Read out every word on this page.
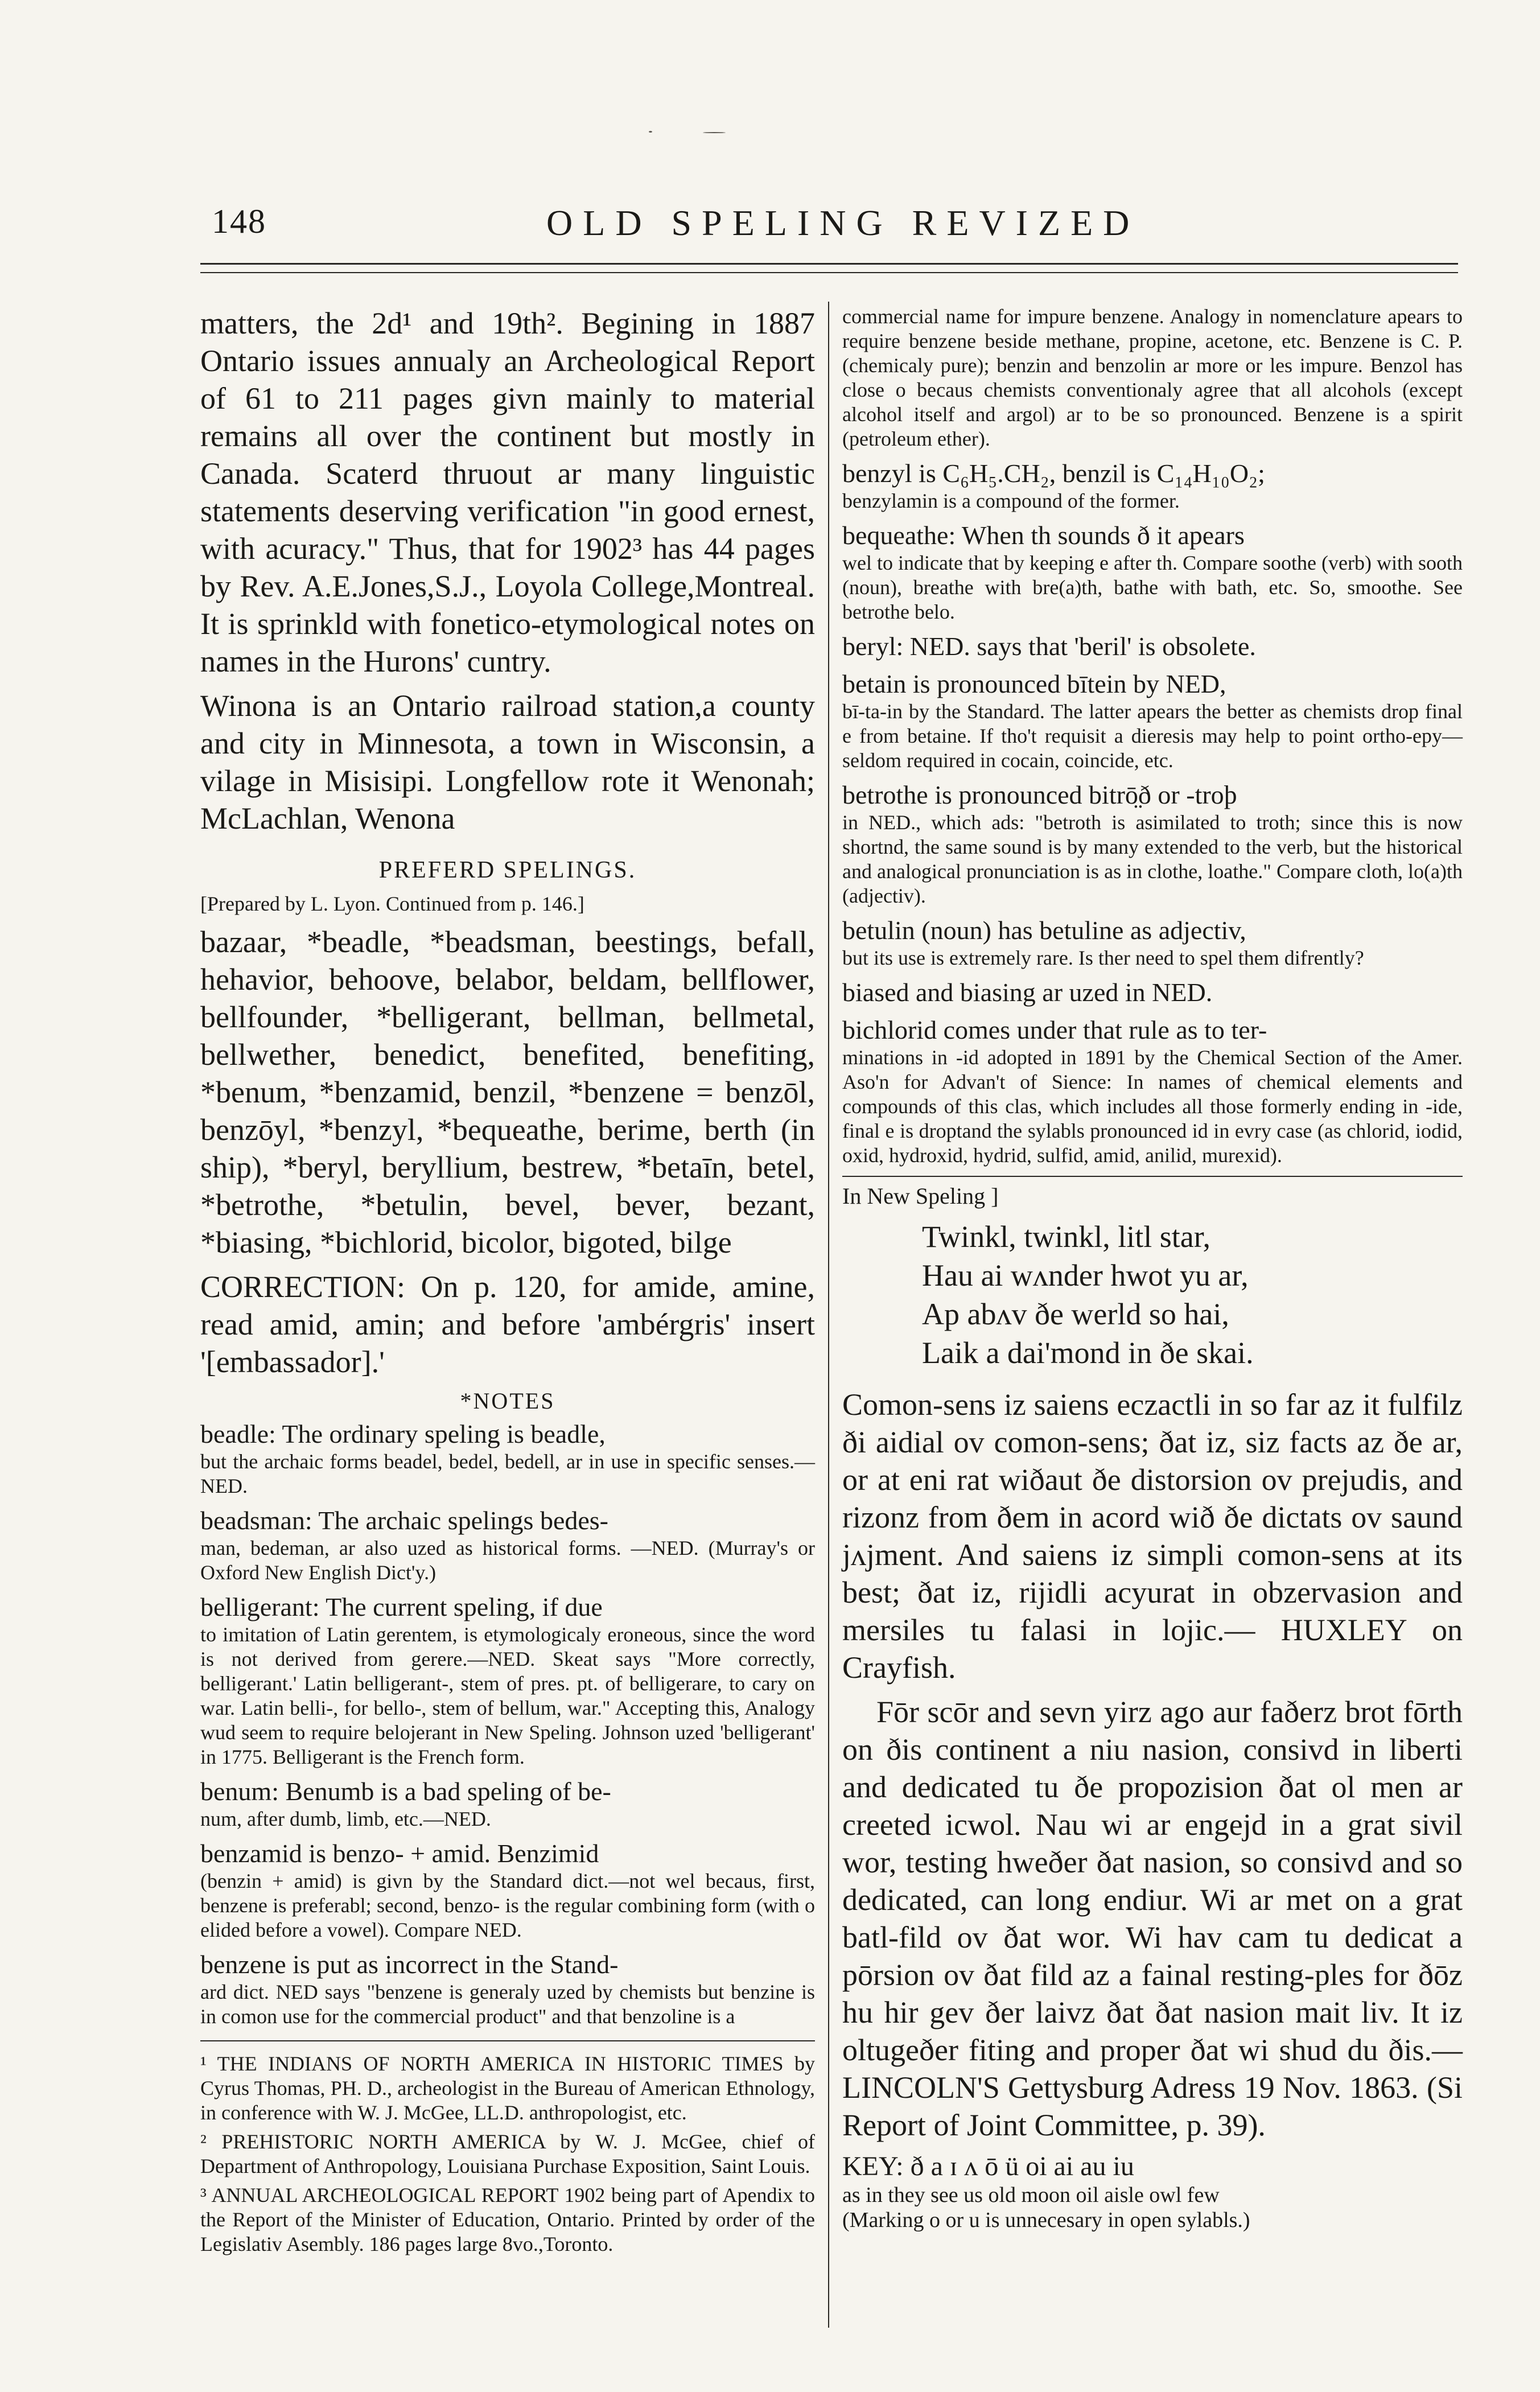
148	OLD SPELING REVIZED

matters, the 2d¹ and 19th². Begining in 1887 Ontario issues annualy an Archeological Report of 61 to 211 pages givn mainly to material remains all over the continent but mostly in Canada. Scaterd thruout ar many linguistic statements deserving verification "in good ernest, with acuracy." Thus, that for 1902³ has 44 pages by Rev. A.E.Jones,S.J., Loyola College,Montreal. It is sprinkld with fonetico-etymological notes on names in the Hurons' cuntry.

Winona is an Ontario railroad station,a county and city in Minnesota, a town in Wisconsin, a vilage in Misisipi. Longfellow rote it Wenonah; McLachlan, Wenona

PREFERD SPELINGS.

[Prepared by L. Lyon. Continued from p. 146.]

bazaar, *beadle, *beadsman, beestings, befall, hehavior, behoove, belabor, beldam, bellflower, bellfounder, *belligerant, bellman, bellmetal, bellwether, benedict, benefited, benefiting, *benum, *benzamid, benzil, *benzene = benzōl, benzōyl, *benzyl, *bequeathe, berime, berth (in ship), *beryl, beryllium, bestrew, *betaīn, betel, *betrothe, *betulin, bevel, bever, bezant, *biasing, *bichlorid, bicolor, bigoted, bilge

CORRECTION: On p. 120, for amide, amine, read amid, amin; and before 'ambérgris' insert '[embassador].'

*NOTES
beadle: The ordinary speling is beadle,

but the archaic forms beadel, bedel, bedell, ar in use in specific senses.—NED.

beadsman: The archaic spelings bedes-

man, bedeman, ar also uzed as historical forms. —NED. (Murray's or Oxford New English Dict'y.)

belligerant: The current speling, if due

to imitation of Latin gerentem, is etymologicaly eroneous, since the word is not derived from gerere.—NED. Skeat says "More correctly, belligerant.' Latin belligerant-, stem of pres. pt. of belligerare, to cary on war. Latin belli-, for bello-, stem of bellum, war." Accepting this, Analogy wud seem to require belojerant in New Speling. Johnson uzed 'belligerant' in 1775. Belligerant is the French form.

benum: Benumb is a bad speling of be-

num, after dumb, limb, etc.—NED.

benzamid is benzo- + amid. Benzimid

(benzin + amid) is givn by the Standard dict.—not wel becaus, first, benzene is preferabl; second, benzo- is the regular combining form (with o elided before a vowel). Compare NED.

benzene is put as incorrect in the Stand-

ard dict. NED says "benzene is generaly uzed by chemists but benzine is in comon use for the commercial product" and that benzoline is a

¹ THE INDIANS OF NORTH AMERICA IN HISTORIC TIMES by Cyrus Thomas, PH. D., archeologist in the Bureau of American Ethnology, in conference with W. J. McGee, LL.D. anthropologist, etc.

² PREHISTORIC NORTH AMERICA by W. J. McGee, chief of Department of Anthropology, Louisiana Purchase Exposition, Saint Louis.

³ ANNUAL ARCHEOLOGICAL REPORT 1902 being part of Apendix to the Report of the Minister of Education, Ontario. Printed by order of the Legislativ Asembly. 186 pages large 8vo.,Toronto.

commercial name for impure benzene. Analogy in nomenclature apears to require benzene beside methane, propine, acetone, etc. Benzene is C. P. (chemicaly pure); benzin and benzolin ar more or les impure. Benzol has close o becaus chemists conventionaly agree that all alcohols (except alcohol itself and argol) ar to be so pronounced. Benzene is a spirit (petroleum ether).

benzyl is C₆H₅.CH₂, benzil is C₁₄H₁₀O₂;

benzylamin is a compound of the former.

bequeathe: When th sounds ð it apears

wel to indicate that by keeping e after th. Compare soothe (verb) with sooth (noun), breathe with bre(a)th, bathe with bath, etc. So, smoothe. See betrothe belo.

beryl: NED. says that 'beril' is obsolete.

betain is pronounced bītein by NED,

bī-ta-in by the Standard. The latter apears the better as chemists drop final e from betaine. If tho't requisit a dieresis may help to point ortho-epy—seldom required in cocain, coincide, etc.

betrothe is pronounced bitrō̤ð or -troþ

in NED., which ads: "betroth is asimilated to troth; since this is now shortnd, the same sound is by many extended to the verb, but the historical and analogical pronunciation is as in clothe, loathe." Compare cloth, lo(a)th (adjectiv).

betulin (noun) has betuline as adjectiv,

but its use is extremely rare. Is ther need to spel them difrently?

biased and biasing ar uzed in NED.

bichlorid comes under that rule as to ter-

minations in -id adopted in 1891 by the Chemical Section of the Amer. Aso'n for Advan't of Sience: In names of chemical elements and compounds of this clas, which includes all those formerly ending in -ide, final e is droptand the sylabls pronounced id in evry case (as chlorid, iodid, oxid, hydroxid, hydrid, sulfid, amid, anilid, murexid).

In New Speling ]
Twinkl, twinkl, litl star,
Hau ai wʌnder hwot yu ar,
Ap abʌv ðe werld so hai,
Laik a dai'mond in ðe skai.

Comon-sens iz saiens eczactli in so far az it fulfilz ði aidial ov comon-sens; ðat iz, siz facts az ðe ar, or at eni rat wiðaut ðe distorsion ov prejudis, and rizonz from ðem in acord wið ðe dictats ov saund jʌjment. And saiens iz simpli comon-sens at its best; ðat iz, rijidli acyurat in obzervasion and mersiles tu falasi in lojic.— HUXLEY on Crayfish.

Fōr scōr and sevn yirz ago aur faðerz brot fōrth on ðis continent a niu nasion, consivd in liberti and dedicated tu ðe propozision ðat ol men ar creeted icwol. Nau wi ar engejd in a grat sivil wor, testing hweðer ðat nasion, so consivd and so dedicated, can long endiur. Wi ar met on a grat batl-fild ov ðat wor. Wi hav cam tu dedicat a pōrsion ov ðat fild az a fainal resting-ples for ðōz hu hir gev ðer laivz ðat ðat nasion mait liv. It iz oltugeðer fiting and proper ðat wi shud du ðis.— LINCOLN'S Gettysburg Adress 19 Nov. 1863. (Si Report of Joint Committee, p. 39).

KEY: ð a ɪ ʌ ō ü oi ai au iu
as in they see us old moon oil aisle owl few
(Marking o or u is unnecesary in open sylabls.)
